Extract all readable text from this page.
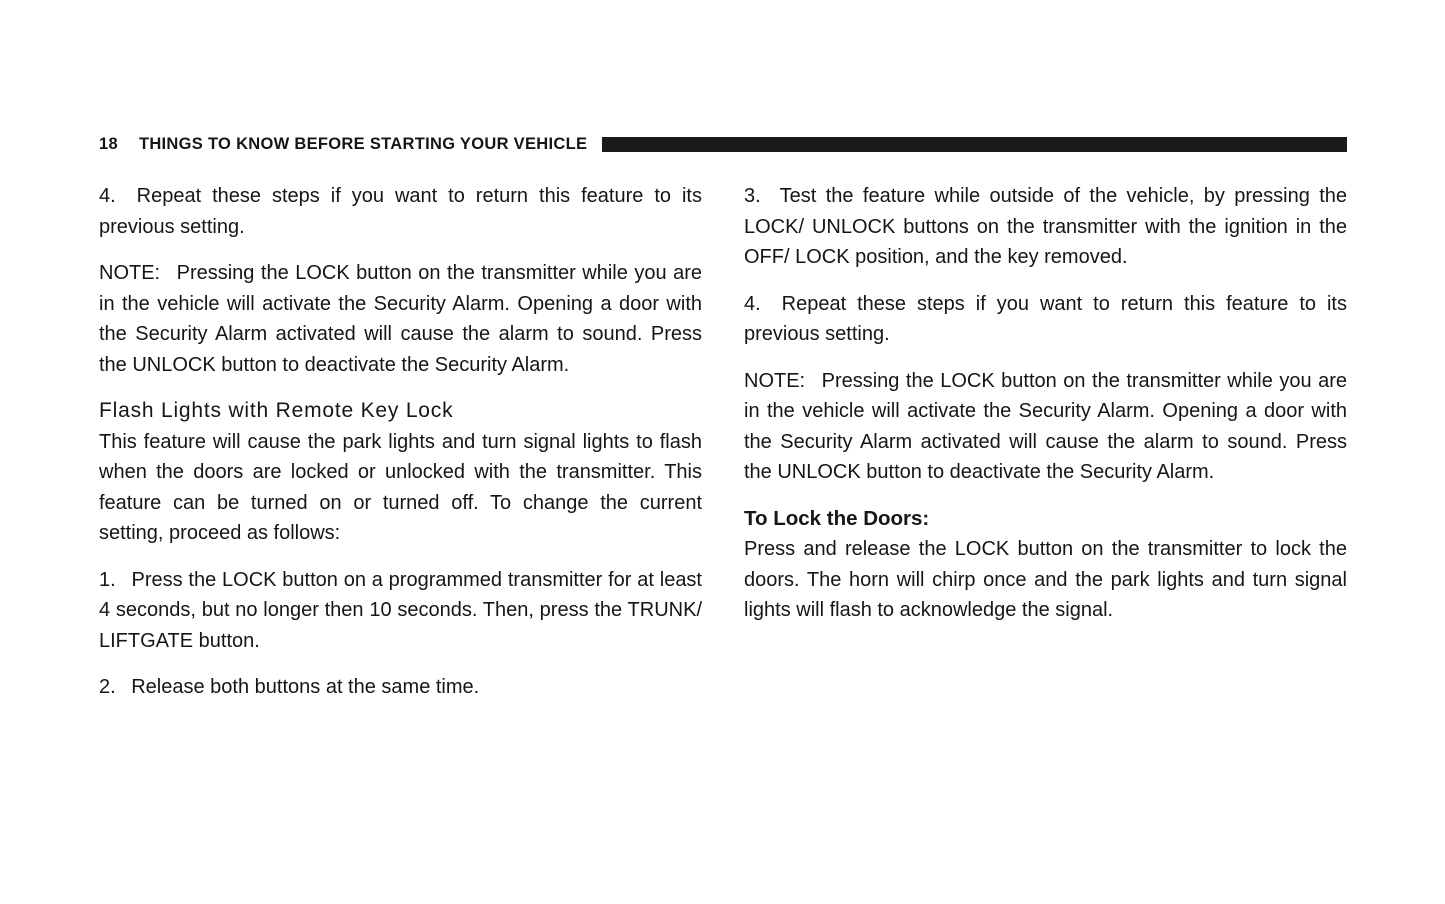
18 THINGS TO KNOW BEFORE STARTING YOUR VEHICLE

4.  Repeat these steps if you want to return this feature to its previous setting.

NOTE:  Pressing the LOCK button on the transmitter while you are in the vehicle will activate the Security Alarm. Opening a door with the Security Alarm activated will cause the alarm to sound. Press the UNLOCK button to deactivate the Security Alarm.

Flash Lights with Remote Key Lock

This feature will cause the park lights and turn signal lights to flash when the doors are locked or unlocked with the transmitter. This feature can be turned on or turned off. To change the current setting, proceed as follows:

1.  Press the LOCK button on a programmed transmitter for at least 4 seconds, but no longer then 10 seconds. Then, press the TRUNK/ LIFTGATE button.

2.  Release both buttons at the same time.

3.  Test the feature while outside of the vehicle, by pressing the LOCK/ UNLOCK buttons on the transmitter with the ignition in the OFF/ LOCK position, and the key removed.

4.  Repeat these steps if you want to return this feature to its previous setting.

NOTE:  Pressing the LOCK button on the transmitter while you are in the vehicle will activate the Security Alarm. Opening a door with the Security Alarm activated will cause the alarm to sound. Press the UNLOCK button to deactivate the Security Alarm.

To Lock the Doors:

Press and release the LOCK button on the transmitter to lock the doors. The horn will chirp once and the park lights and turn signal lights will flash to acknowledge the signal.
